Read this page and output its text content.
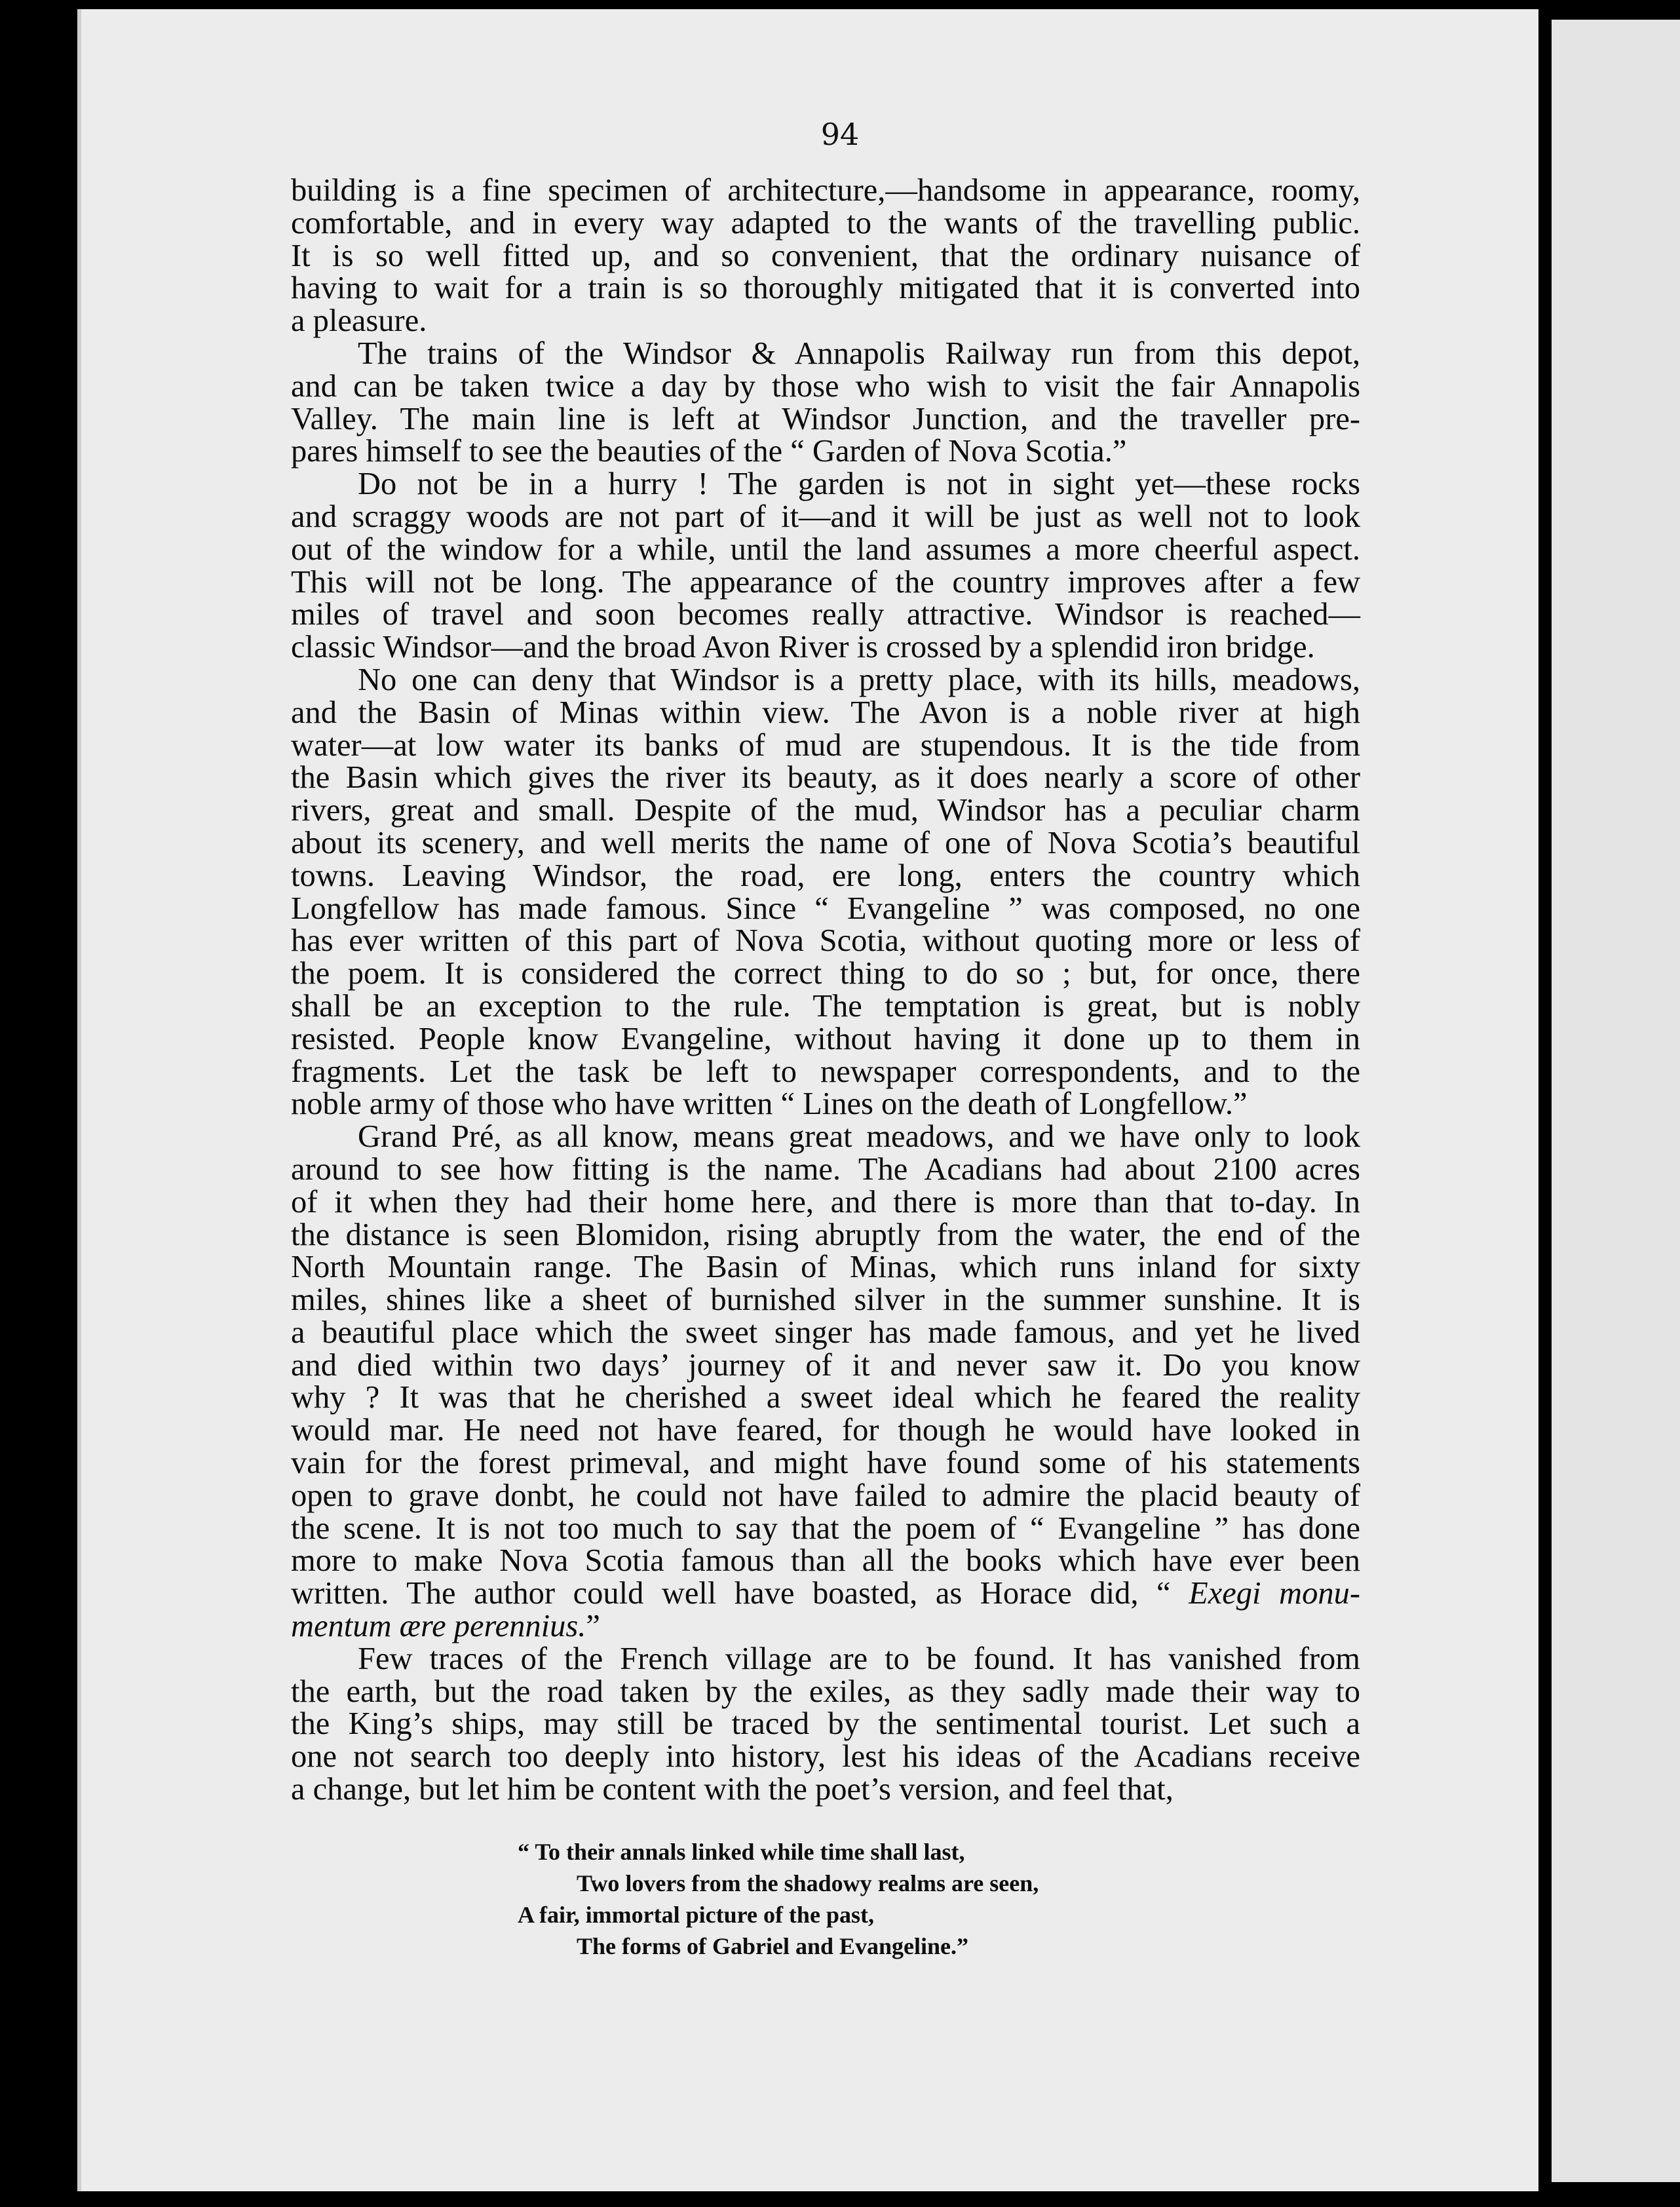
94
building is a fine specimen of architecture,—handsome in appearance, roomy,
comfortable, and in every way adapted to the wants of the travelling public.
It is so well fitted up, and so convenient, that the ordinary nuisance of
having to wait for a train is so thoroughly mitigated that it is converted into
a pleasure.
The trains of the Windsor & Annapolis Railway run from this depot,
and can be taken twice a day by those who wish to visit the fair Annapolis
Valley. The main line is left at Windsor Junction, and the traveller pre-
pares himself to see the beauties of the “ Garden of Nova Scotia.”
Do not be in a hurry ! The garden is not in sight yet—these rocks
and scraggy woods are not part of it—and it will be just as well not to look
out of the window for a while, until the land assumes a more cheerful aspect.
This will not be long. The appearance of the country improves after a few
miles of travel and soon becomes really attractive. Windsor is reached—
classic Windsor—and the broad Avon River is crossed by a splendid iron bridge.
No one can deny that Windsor is a pretty place, with its hills, meadows,
and the Basin of Minas within view. The Avon is a noble river at high
water—at low water its banks of mud are stupendous. It is the tide from
the Basin which gives the river its beauty, as it does nearly a score of other
rivers, great and small. Despite of the mud, Windsor has a peculiar charm
about its scenery, and well merits the name of one of Nova Scotia’s beautiful
towns. Leaving Windsor, the road, ere long, enters the country which
Longfellow has made famous. Since “ Evangeline ” was composed, no one
has ever written of this part of Nova Scotia, without quoting more or less of
the poem. It is considered the correct thing to do so ; but, for once, there
shall be an exception to the rule. The temptation is great, but is nobly
resisted. People know Evangeline, without having it done up to them in
fragments. Let the task be left to newspaper correspondents, and to the
noble army of those who have written “ Lines on the death of Longfellow.”
Grand Pré, as all know, means great meadows, and we have only to look
around to see how fitting is the name. The Acadians had about 2100 acres
of it when they had their home here, and there is more than that to-day. In
the distance is seen Blomidon, rising abruptly from the water, the end of the
North Mountain range. The Basin of Minas, which runs inland for sixty
miles, shines like a sheet of burnished silver in the summer sunshine. It is
a beautiful place which the sweet singer has made famous, and yet he lived
and died within two days’ journey of it and never saw it. Do you know
why ? It was that he cherished a sweet ideal which he feared the reality
would mar. He need not have feared, for though he would have looked in
vain for the forest primeval, and might have found some of his statements
open to grave donbt, he could not have failed to admire the placid beauty of
the scene. It is not too much to say that the poem of “ Evangeline ” has done
more to make Nova Scotia famous than all the books which have ever been
written. The author could well have boasted, as Horace did, “ Exegi monu-
mentum ære perennius.”
Few traces of the French village are to be found. It has vanished from
the earth, but the road taken by the exiles, as they sadly made their way to
the King’s ships, may still be traced by the sentimental tourist. Let such a
one not search too deeply into history, lest his ideas of the Acadians receive
a change, but let him be content with the poet’s version, and feel that,
“ To their annals linked while time shall last,
Two lovers from the shadowy realms are seen,
A fair, immortal picture of the past,
The forms of Gabriel and Evangeline.”
